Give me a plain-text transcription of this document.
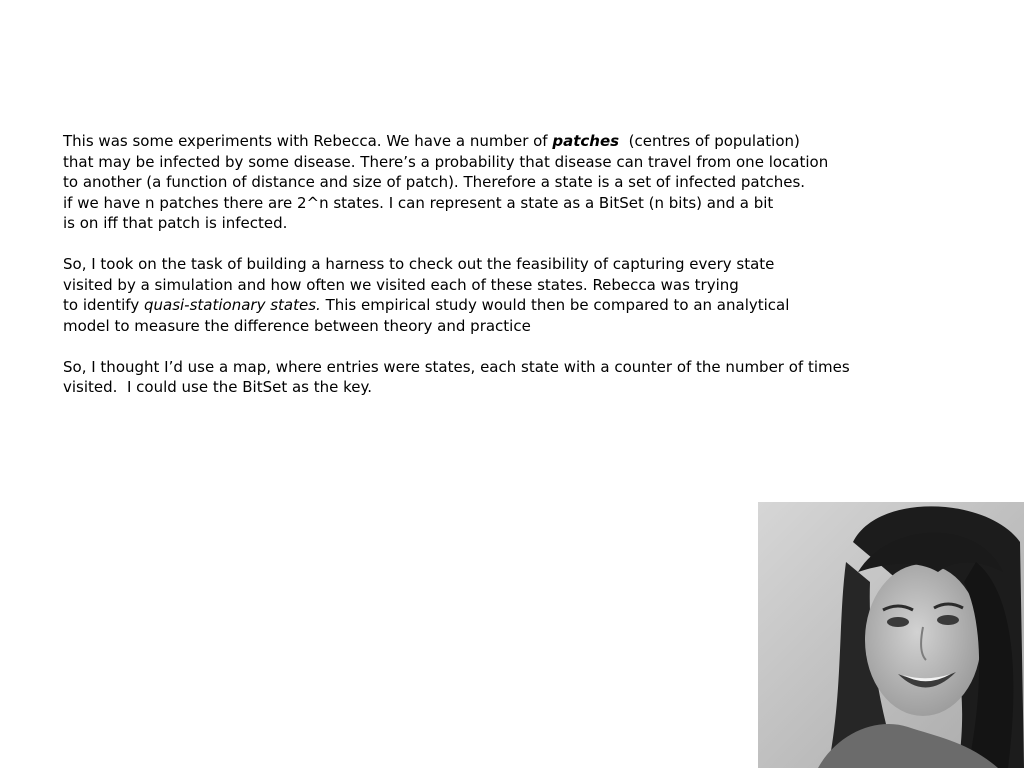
This was some experiments with Rebecca. We have a number of patches  (centres of population)
that may be infected by some disease. There’s a probability that disease can travel from one location
to another (a function of distance and size of patch). Therefore a state is a set of infected patches.
if we have n patches there are 2^n states. I can represent a state as a BitSet (n bits) and a bit
is on iff that patch is infected.

So, I took on the task of building a harness to check out the feasibility of capturing every state
visited by a simulation and how often we visited each of these states. Rebecca was trying
to identify quasi-stationary states. This empirical study would then be compared to an analytical
model to measure the difference between theory and practice

So, I thought I’d use a map, where entries were states, each state with a counter of the number of times
visited.  I could use the BitSet as the key.
